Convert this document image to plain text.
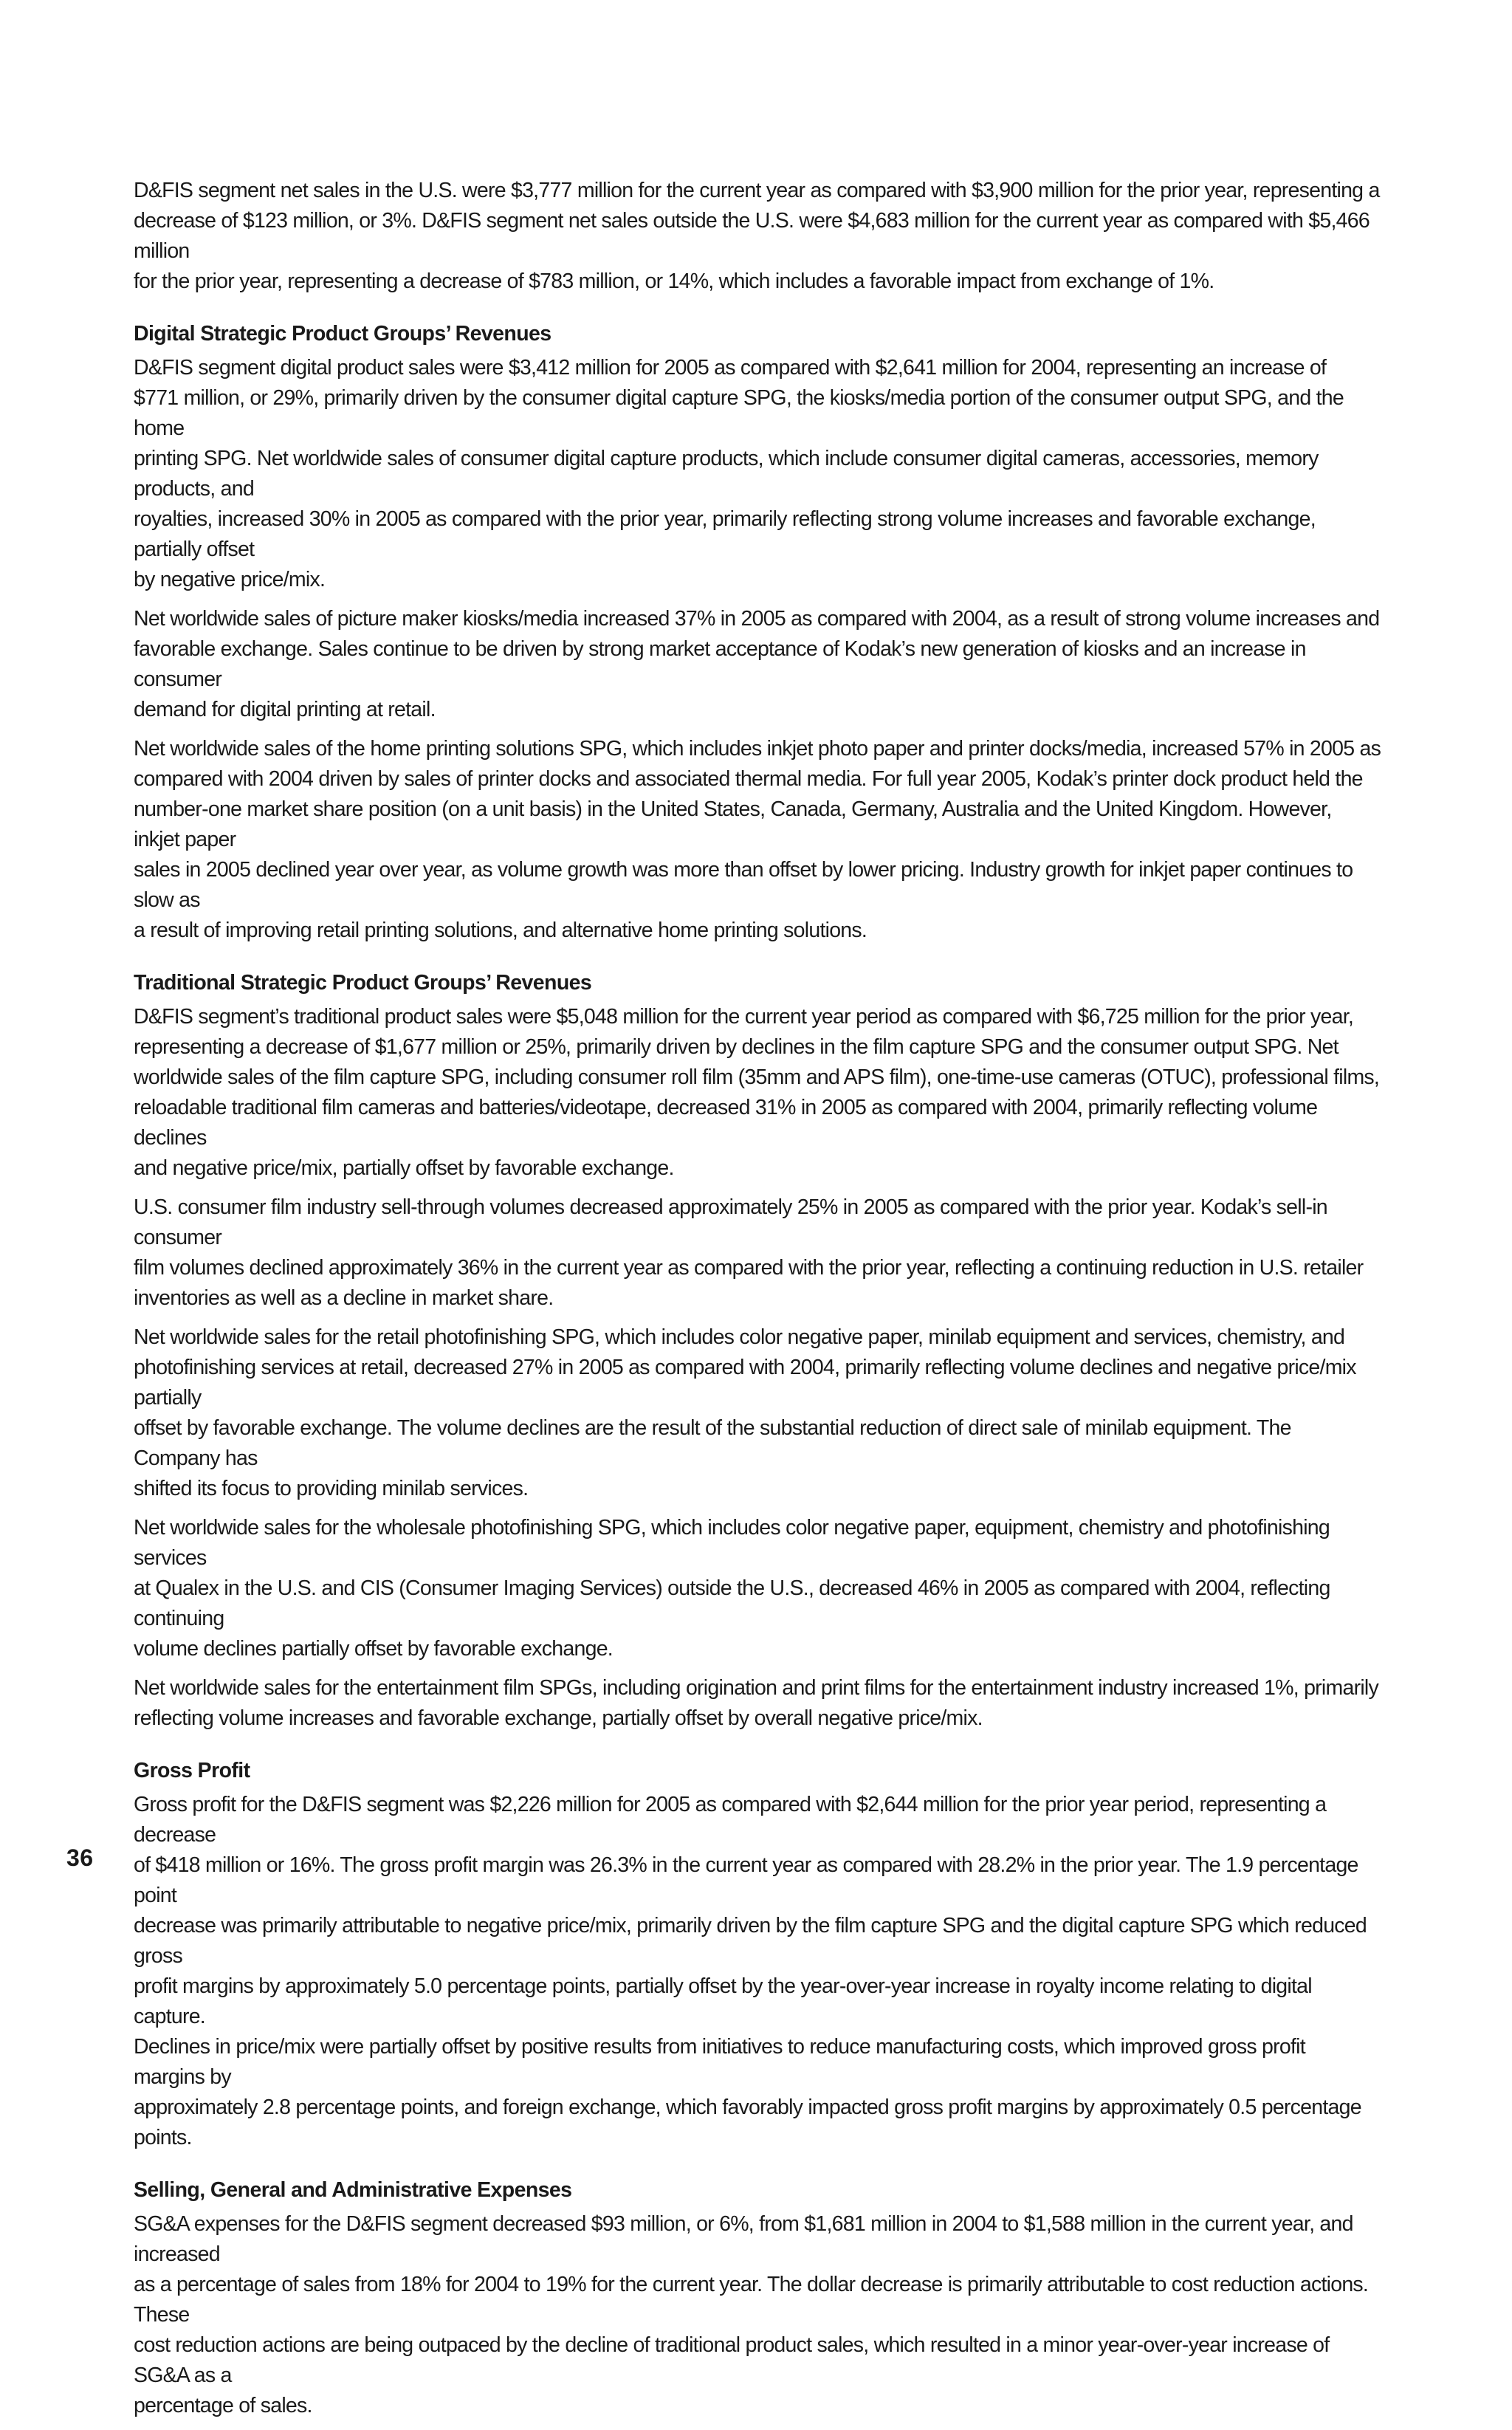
D&FIS segment net sales in the U.S. were $3,777 million for the current year as compared with $3,900 million for the prior year, representing a
decrease of $123 million, or 3%. D&FIS segment net sales outside the U.S. were $4,683 million for the current year as compared with $5,466 million
for the prior year, representing a decrease of $783 million, or 14%, which includes a favorable impact from exchange of 1%.

Digital Strategic Product Groups’ Revenues

D&FIS segment digital product sales were $3,412 million for 2005 as compared with $2,641 million for 2004, representing an increase of
$771 million, or 29%, primarily driven by the consumer digital capture SPG, the kiosks/media portion of the consumer output SPG, and the home
printing SPG. Net worldwide sales of consumer digital capture products, which include consumer digital cameras, accessories, memory products, and
royalties, increased 30% in 2005 as compared with the prior year, primarily reflecting strong volume increases and favorable exchange, partially offset
by negative price/mix.

Net worldwide sales of picture maker kiosks/media increased 37% in 2005 as compared with 2004, as a result of strong volume increases and
favorable exchange. Sales continue to be driven by strong market acceptance of Kodak’s new generation of kiosks and an increase in consumer
demand for digital printing at retail.

Net worldwide sales of the home printing solutions SPG, which includes inkjet photo paper and printer docks/media, increased 57% in 2005 as
compared with 2004 driven by sales of printer docks and associated thermal media. For full year 2005, Kodak’s printer dock product held the
number-one market share position (on a unit basis) in the United States, Canada, Germany, Australia and the United Kingdom. However, inkjet paper
sales in 2005 declined year over year, as volume growth was more than offset by lower pricing. Industry growth for inkjet paper continues to slow as
a result of improving retail printing solutions, and alternative home printing solutions.

Traditional Strategic Product Groups’ Revenues

D&FIS segment’s traditional product sales were $5,048 million for the current year period as compared with $6,725 million for the prior year,
representing a decrease of $1,677 million or 25%, primarily driven by declines in the film capture SPG and the consumer output SPG. Net
worldwide sales of the film capture SPG, including consumer roll film (35mm and APS film), one-time-use cameras (OTUC), professional films,
reloadable traditional film cameras and batteries/videotape, decreased 31% in 2005 as compared with 2004, primarily reflecting volume declines
and negative price/mix, partially offset by favorable exchange.

U.S. consumer film industry sell-through volumes decreased approximately 25% in 2005 as compared with the prior year. Kodak’s sell-in consumer
film volumes declined approximately 36% in the current year as compared with the prior year, reflecting a continuing reduction in U.S. retailer
inventories as well as a decline in market share.

Net worldwide sales for the retail photofinishing SPG, which includes color negative paper, minilab equipment and services, chemistry, and
photofinishing services at retail, decreased 27% in 2005 as compared with 2004, primarily reflecting volume declines and negative price/mix partially
offset by favorable exchange. The volume declines are the result of the substantial reduction of direct sale of minilab equipment. The Company has
shifted its focus to providing minilab services.

Net worldwide sales for the wholesale photofinishing SPG, which includes color negative paper, equipment, chemistry and photofinishing services
at Qualex in the U.S. and CIS (Consumer Imaging Services) outside the U.S., decreased 46% in 2005 as compared with 2004, reflecting continuing
volume declines partially offset by favorable exchange.

Net worldwide sales for the entertainment film SPGs, including origination and print films for the entertainment industry increased 1%, primarily
reflecting volume increases and favorable exchange, partially offset by overall negative price/mix.

Gross Profit

Gross profit for the D&FIS segment was $2,226 million for 2005 as compared with $2,644 million for the prior year period, representing a decrease
of $418 million or 16%. The gross profit margin was 26.3% in the current year as compared with 28.2% in the prior year. The 1.9 percentage point
decrease was primarily attributable to negative price/mix, primarily driven by the film capture SPG and the digital capture SPG which reduced gross
profit margins by approximately 5.0 percentage points, partially offset by the year-over-year increase in royalty income relating to digital capture.
Declines in price/mix were partially offset by positive results from initiatives to reduce manufacturing costs, which improved gross profit margins by
approximately 2.8 percentage points, and foreign exchange, which favorably impacted gross profit margins by approximately 0.5 percentage points.

Selling, General and Administrative Expenses

SG&A expenses for the D&FIS segment decreased $93 million, or 6%, from $1,681 million in 2004 to $1,588 million in the current year, and increased
as a percentage of sales from 18% for 2004 to 19% for the current year. The dollar decrease is primarily attributable to cost reduction actions. These
cost reduction actions are being outpaced by the decline of traditional product sales, which resulted in a minor year-over-year increase of SG&A as a
percentage of sales.

36
